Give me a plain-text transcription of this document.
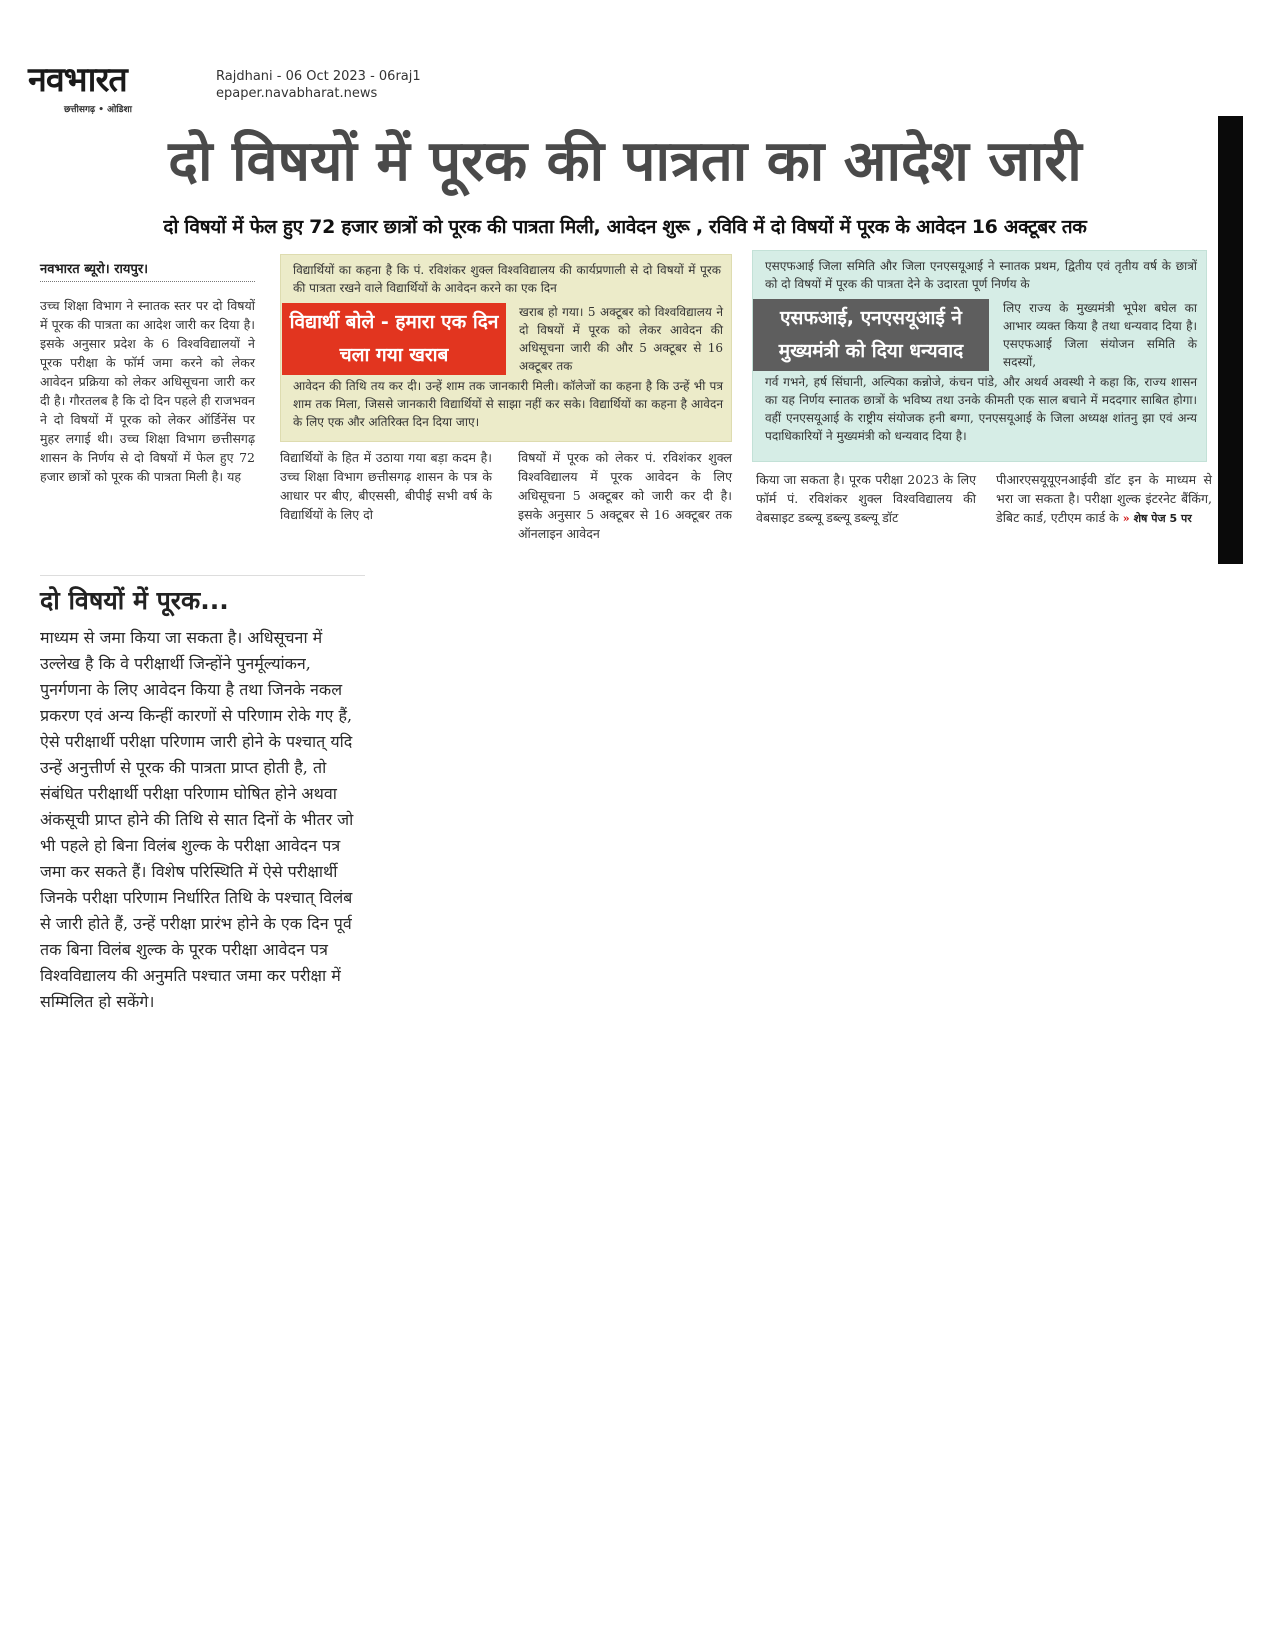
नवभारत
छत्तीसगढ़ • ओडिशा
Rajdhani - 06 Oct 2023 - 06raj1
epaper.navabharat.news
दो विषयों में पूरक की पात्रता का आदेश जारी
दो विषयों में फेल हुए 72 हजार छात्रों को पूरक की पात्रता मिली, आवेदन शुरू , रविवि में दो विषयों में पूरक के आवेदन 16 अक्टूबर तक
नवभारत ब्यूरो। रायपुर।
उच्च शिक्षा विभाग ने स्नातक स्तर पर दो विषयों में पूरक की पात्रता का आदेश जारी कर दिया है। इसके अनुसार प्रदेश के 6 विश्वविद्यालयों ने पूरक परीक्षा के फॉर्म जमा करने को लेकर आवेदन प्रक्रिया को लेकर अधिसूचना जारी कर दी है। गौरतलब है कि दो दिन पहले ही राजभवन ने दो विषयों में पूरक को लेकर ऑर्डिनेंस पर मुहर लगाई थी। उच्च शिक्षा विभाग छत्तीसगढ़ शासन के निर्णय से दो विषयों में फेल हुए 72 हजार छात्रों को पूरक की पात्रता मिली है। यह
विद्यार्थियों का कहना है कि पं. रविशंकर शुक्ल विश्वविद्यालय की कार्यप्रणाली से दो विषयों में पूरक की पात्रता रखने वाले विद्यार्थियों के आवेदन करने का एक दिन
विद्यार्थी बोले - हमारा एक दिन चला गया खराब
खराब हो गया। 5 अक्टूबर को विश्वविद्यालय ने दो विषयों में पूरक को लेकर आवेदन की अधिसूचना जारी की और 5 अक्टूबर से 16 अक्टूबर तक
आवेदन की तिथि तय कर दी। उन्हें शाम तक जानकारी मिली। कॉलेजों का कहना है कि उन्हें भी पत्र शाम तक मिला, जिससे जानकारी विद्यार्थियों से साझा नहीं कर सके। विद्यार्थियों का कहना है आवेदन के लिए एक और अतिरिक्त दिन दिया जाए।
विद्यार्थियों के हित में उठाया गया बड़ा कदम है। उच्च शिक्षा विभाग छत्तीसगढ़ शासन के पत्र के आधार पर बीए, बीएससी, बीपीई सभी वर्ष के विद्यार्थियों के लिए दो
विषयों में पूरक को लेकर पं. रविशंकर शुक्ल विश्वविद्यालय में पूरक आवेदन के लिए अधिसूचना 5 अक्टूबर को जारी कर दी है। इसके अनुसार 5 अक्टूबर से 16 अक्टूबर तक ऑनलाइन आवेदन
एसएफआई जिला समिति और जिला एनएसयूआई ने स्नातक प्रथम, द्वितीय एवं तृतीय वर्ष के छात्रों को दो विषयों में पूरक की पात्रता देने के उदारता पूर्ण निर्णय के
एसफआई, एनएसयूआई ने मुख्यमंत्री को दिया धन्यवाद
लिए राज्य के मुख्यमंत्री भूपेश बघेल का आभार व्यक्त किया है तथा धन्यवाद दिया है। एसएफआई जिला संयोजन समिति के सदस्यों,
गर्व गभने, हर्ष सिंघानी, अल्पिका कन्नोजे, कंचन पांडे, और अथर्व अवस्थी ने कहा कि, राज्य शासन का यह निर्णय स्नातक छात्रों के भविष्य तथा उनके कीमती एक साल बचाने में मददगार साबित होगा। वहीं एनएसयूआई के राष्ट्रीय संयोजक हनी बग्गा, एनएसयूआई के जिला अध्यक्ष शांतनु झा एवं अन्य पदाधिकारियों ने मुख्यमंत्री को धन्यवाद दिया है।
किया जा सकता है। पूरक परीक्षा 2023 के लिए फॉर्म पं. रविशंकर शुक्ल विश्वविद्यालय की वेबसाइट डब्ल्यू डब्ल्यू डब्ल्यू डॉट
पीआरएसयूयूएनआईवी डॉट इन के माध्यम से भरा जा सकता है। परीक्षा शुल्क इंटरनेट बैंकिंग, डेबिट कार्ड, एटीएम कार्ड के » शेष पेज 5 पर
दो विषयों में पूरक...
माध्यम से जमा किया जा सकता है। अधिसूचना में उल्लेख है कि वे परीक्षार्थी जिन्होंने पुनर्मूल्यांकन, पुनर्गणना के लिए आवेदन किया है तथा जिनके नकल प्रकरण एवं अन्य किन्हीं कारणों से परिणाम रोके गए हैं, ऐसे परीक्षार्थी परीक्षा परिणाम जारी होने के पश्चात् यदि उन्हें अनुत्तीर्ण से पूरक की पात्रता प्राप्त होती है, तो संबंधित परीक्षार्थी परीक्षा परिणाम घोषित होने अथवा अंकसूची प्राप्त होने की तिथि से सात दिनों के भीतर जो भी पहले हो बिना विलंब शुल्क के परीक्षा आवेदन पत्र जमा कर सकते हैं। विशेष परिस्थिति में ऐसे परीक्षार्थी जिनके परीक्षा परिणाम निर्धारित तिथि के पश्चात् विलंब से जारी होते हैं, उन्हें परीक्षा प्रारंभ होने के एक दिन पूर्व तक बिना विलंब शुल्क के पूरक परीक्षा आवेदन पत्र विश्वविद्यालय की अनुमति पश्चात जमा कर परीक्षा में सम्मिलित हो सकेंगे।
